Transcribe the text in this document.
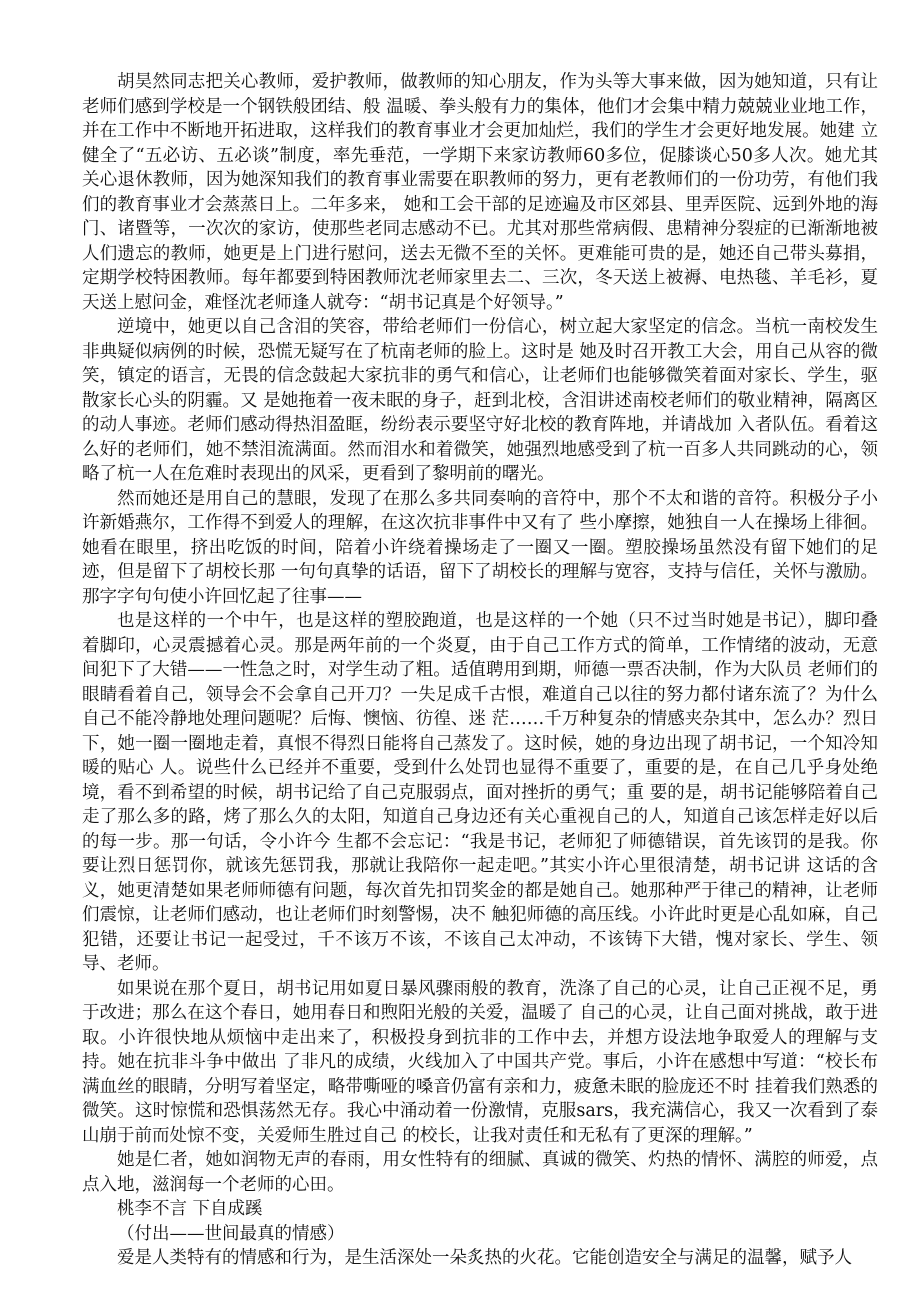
胡昊然同志把关心教师，爱护教师，做教师的知心朋友，作为头等大事来做，因为她知道，只有让老师们感到学校是一个钢铁般团结、般 温暖、拳头般有力的集体，他们才会集中精力兢兢业业地工作，并在工作中不断地开拓进取，这样我们的教育事业才会更加灿烂，我们的学生才会更好地发展。她建 立健全了“五必访、五必谈”制度，率先垂范，一学期下来家访教师60多位，促膝谈心50多人次。她尤其关心退休教师，因为她深知我们的教育事业需要在职教师的努力，更有老教师们的一份功劳，有他们我们的教育事业才会蒸蒸日上。二年多来， 她和工会干部的足迹遍及市区郊县、里弄医院、远到外地的海门、诸暨等，一次次的家访，使那些老同志感动不已。尤其对那些常病假、患精神分裂症的已渐渐地被 人们遗忘的教师，她更是上门进行慰问，送去无微不至的关怀。更难能可贵的是，她还自己带头募捐，定期学校特困教师。每年都要到特困教师沈老师家里去二、三次，冬天送上被褥、电热毯、羊毛衫，夏天送上慰问金，难怪沈老师逢人就夸：“胡书记真是个好领导。”

逆境中，她更以自己含泪的笑容，带给老师们一份信心，树立起大家坚定的信念。当杭一南校发生非典疑似病例的时候，恐慌无疑写在了杭南老师的脸上。这时是 她及时召开教工大会，用自己从容的微笑，镇定的语言，无畏的信念鼓起大家抗非的勇气和信心，让老师们也能够微笑着面对家长、学生，驱散家长心头的阴霾。又 是她拖着一夜未眠的身子，赶到北校，含泪讲述南校老师们的敬业精神，隔离区的动人事迹。老师们感动得热泪盈眶，纷纷表示要坚守好北校的教育阵地，并请战加 入者队伍。看着这么好的老师们，她不禁泪流满面。然而泪水和着微笑，她强烈地感受到了杭一百多人共同跳动的心，领略了杭一人在危难时表现出的风采，更看到了黎明前的曙光。

然而她还是用自己的慧眼，发现了在那么多共同奏响的音符中，那个不太和谐的音符。积极分子小许新婚燕尔，工作得不到爱人的理解，在这次抗非事件中又有了 些小摩擦，她独自一人在操场上徘徊。她看在眼里，挤出吃饭的时间，陪着小许绕着操场走了一圈又一圈。塑胶操场虽然没有留下她们的足迹，但是留下了胡校长那 一句句真挚的话语，留下了胡校长的理解与宽容，支持与信任，关怀与激励。那字字句句使小许回忆起了往事——

也是这样的一个中午，也是这样的塑胶跑道，也是这样的一个她（只不过当时她是书记），脚印叠着脚印，心灵震撼着心灵。那是两年前的一个炎夏，由于自己工作方式的简单，工作情绪的波动，无意间犯下了大错——一性急之时，对学生动了粗。适值聘用到期，师德一票否决制，作为大队员 老师们的眼睛看着自己，领导会不会拿自己开刀？一失足成千古恨，难道自己以往的努力都付诸东流了？为什么自己不能冷静地处理问题呢？后悔、懊恼、彷徨、迷 茫……千万种复杂的情感夹杂其中，怎么办？烈日下，她一圈一圈地走着，真恨不得烈日能将自己蒸发了。这时候，她的身边出现了胡书记，一个知冷知暖的贴心 人。说些什么已经并不重要，受到什么处罚也显得不重要了，重要的是，在自己几乎身处绝境，看不到希望的时候，胡书记给了自己克服弱点，面对挫折的勇气；重 要的是，胡书记能够陪着自己走了那么多的路，烤了那么久的太阳，知道自己身边还有关心重视自己的人，知道自己该怎样走好以后的每一步。那一句话，令小许今 生都不会忘记：“我是书记，老师犯了师德错误，首先该罚的是我。你要让烈日惩罚你，就该先惩罚我，那就让我陪你一起走吧。”其实小许心里很清楚，胡书记讲 这话的含义，她更清楚如果老师师德有问题，每次首先扣罚奖金的都是她自己。她那种严于律己的精神，让老师们震惊，让老师们感动，也让老师们时刻警惕，决不 触犯师德的高压线。小许此时更是心乱如麻，自己犯错，还要让书记一起受过，千不该万不该，不该自己太冲动，不该铸下大错，愧对家长、学生、领导、老师。

如果说在那个夏日，胡书记用如夏日暴风骤雨般的教育，洗涤了自己的心灵，让自己正视不足，勇于改进；那么在这个春日，她用春日和煦阳光般的关爱，温暖了 自己的心灵，让自己面对挑战，敢于进取。小许很快地从烦恼中走出来了，积极投身到抗非的工作中去，并想方设法地争取爱人的理解与支持。她在抗非斗争中做出 了非凡的成绩，火线加入了中国共产党。事后，小许在感想中写道：“校长布满血丝的眼睛，分明写着坚定，略带嘶哑的嗓音仍富有亲和力，疲惫未眠的脸庞还不时 挂着我们熟悉的微笑。这时惊慌和恐惧荡然无存。我心中涌动着一份激情，克服sars，我充满信心，我又一次看到了泰山崩于前而处惊不变，关爱师生胜过自己 的校长，让我对责任和无私有了更深的理解。”

她是仁者，她如润物无声的春雨，用女性特有的细腻、真诚的微笑、灼热的情怀、满腔的师爱，点点入地，滋润每一个老师的心田。

桃李不言 下自成蹊

（付出——世间最真的情感）

爱是人类特有的情感和行为，是生活深处一朵炙热的火花。它能创造安全与满足的温馨，赋予人
